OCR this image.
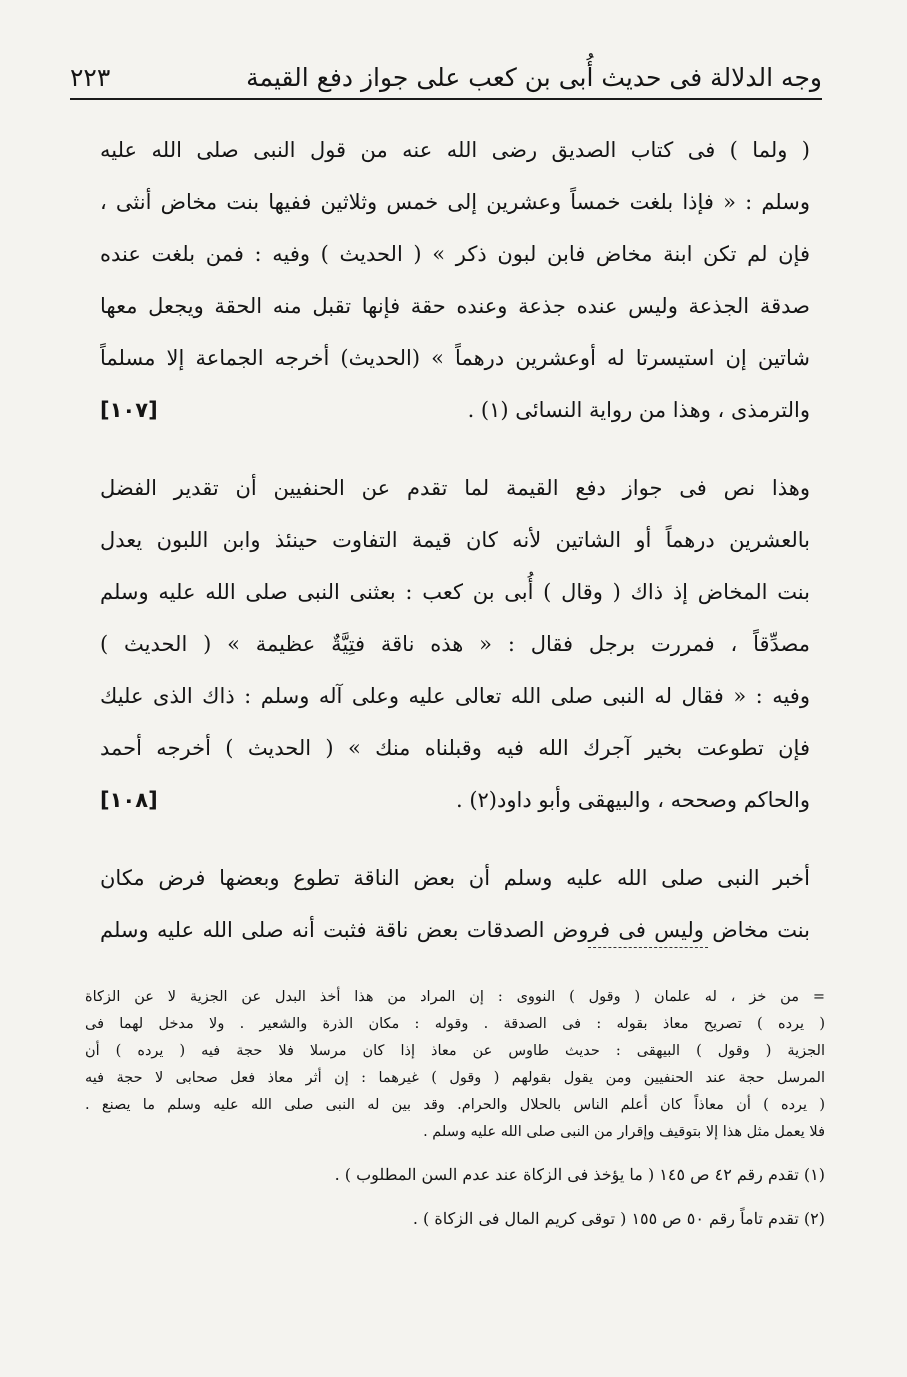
وجه الدلالة فى حديث أُبى بن كعب على جواز دفع القيمة
٢٢٣
( ولما ) فى كتاب الصديق رضى الله عنه من قول النبى صلى الله عليه
وسلم : « فإذا بلغت خمساً وعشرين إلى خمس وثلاثين ففيها بنت مخاض أنثى ،
فإن لم تكن ابنة مخاض فابن لبون ذكر » ( الحديث ) وفيه : فمن بلغت عنده
صدقة الجذعة وليس عنده جذعة وعنده حقة فإنها تقبل منه الحقة ويجعل معها
شاتين إن استيسرتا له أوعشرين درهماً » (الحديث) أخرجه الجماعة إلا مسلماً
والترمذى ، وهذا من رواية النسائى (١) .
[١٠٧]
وهذا نص فى جواز دفع القيمة لما تقدم عن الحنفيين أن تقدير الفضل
بالعشرين درهماً أو الشاتين لأنه كان قيمة التفاوت حينئذ وابن اللبون يعدل
بنت المخاض إذ ذاك ( وقال ) أُبى بن كعب : بعثنى النبى صلى الله عليه وسلم
مصدِّقاً ، فمررت برجل فقال : « هذه ناقة فتِيَّةٌ عظيمة » ( الحديث )
وفيه : « فقال له النبى صلى الله تعالى عليه وعلى آله وسلم : ذاك الذى عليك
فإن تطوعت بخير آجرك الله فيه وقبلناه منك » ( الحديث ) أخرجه أحمد
والحاكم وصححه ، والبيهقى وأبو داود(٢) .
[١٠٨]
أخبر النبى صلى الله عليه وسلم أن بعض الناقة تطوع وبعضها فرض مكان
بنت مخاض وليس فى فروض الصدقات بعض ناقة فثبت أنه صلى الله عليه وسلم
= من خز ، له علمان ( وقول ) النووى : إن المراد من هذا أخذ البدل عن الجزية لا عن الزكاة
( يرده ) تصريح معاذ بقوله : فى الصدقة . وقوله : مكان الذرة والشعير . ولا مدخل لهما فى
الجزية ( وقول ) البيهقى : حديث طاوس عن معاذ إذا كان مرسلا فلا حجة فيه ( يرده ) أن
المرسل حجة عند الحنفيين ومن يقول بقولهم ( وقول ) غيرهما : إن أثر معاذ فعل صحابى لا حجة فيه
( يرده ) أن معاذاً كان أعلم الناس بالحلال والحرام. وقد بين له النبى صلى الله عليه وسلم ما يصنع .
فلا يعمل مثل هذا إلا بتوقيف وإقرار من النبى صلى الله عليه وسلم .
(١) تقدم رقم ٤٢ ص ١٤٥ ( ما يؤخذ فى الزكاة عند عدم السن المطلوب ) .
(٢) تقدم تاماً رقم ٥٠ ص ١٥٥ ( توقى كريم المال فى الزكاة ) .
